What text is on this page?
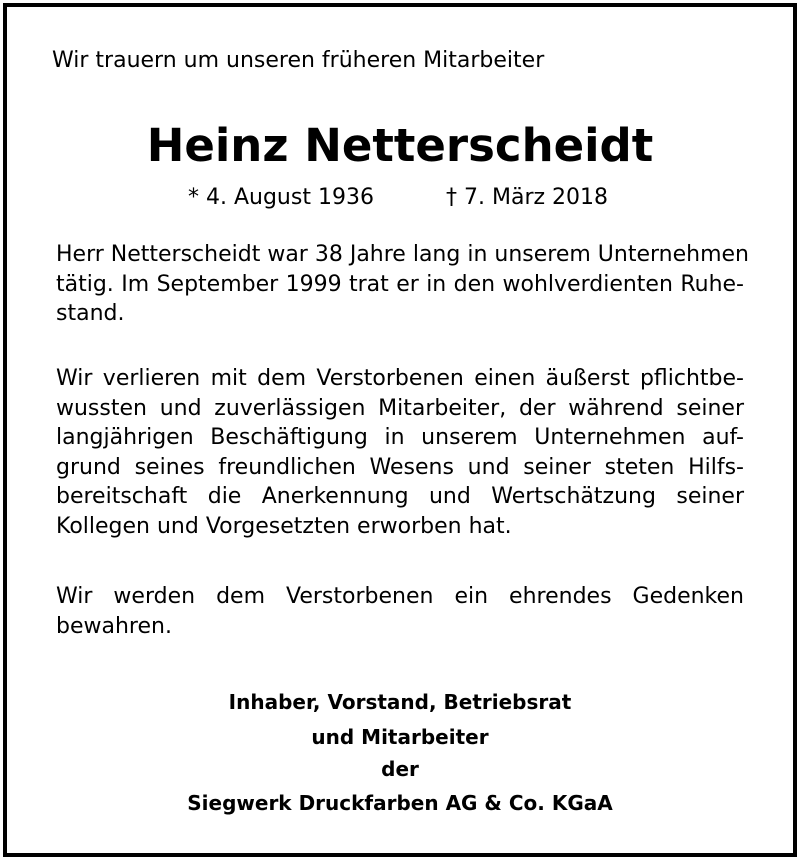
Wir trauern um unseren früheren Mitarbeiter
Heinz Netterscheidt
* 4. August 1936	† 7. März 2018

Herr Netterscheidt war 38 Jahre lang in unserem Unternehmen
tätig. Im September 1999 trat er in den wohlverdienten Ruhe-
stand.

Wir verlieren mit dem Verstorbenen einen äußerst pflichtbe-
wussten und zuverlässigen Mitarbeiter, der während seiner
langjährigen Beschäftigung in unserem Unternehmen auf-
grund seines freundlichen Wesens und seiner steten Hilfs-
bereitschaft die Anerkennung und Wertschätzung seiner
Kollegen und Vorgesetzten erworben hat.

Wir werden dem Verstorbenen ein ehrendes Gedenken
bewahren.

Inhaber, Vorstand, Betriebsrat
und Mitarbeiter
der
Siegwerk Druckfarben AG & Co. KGaA
